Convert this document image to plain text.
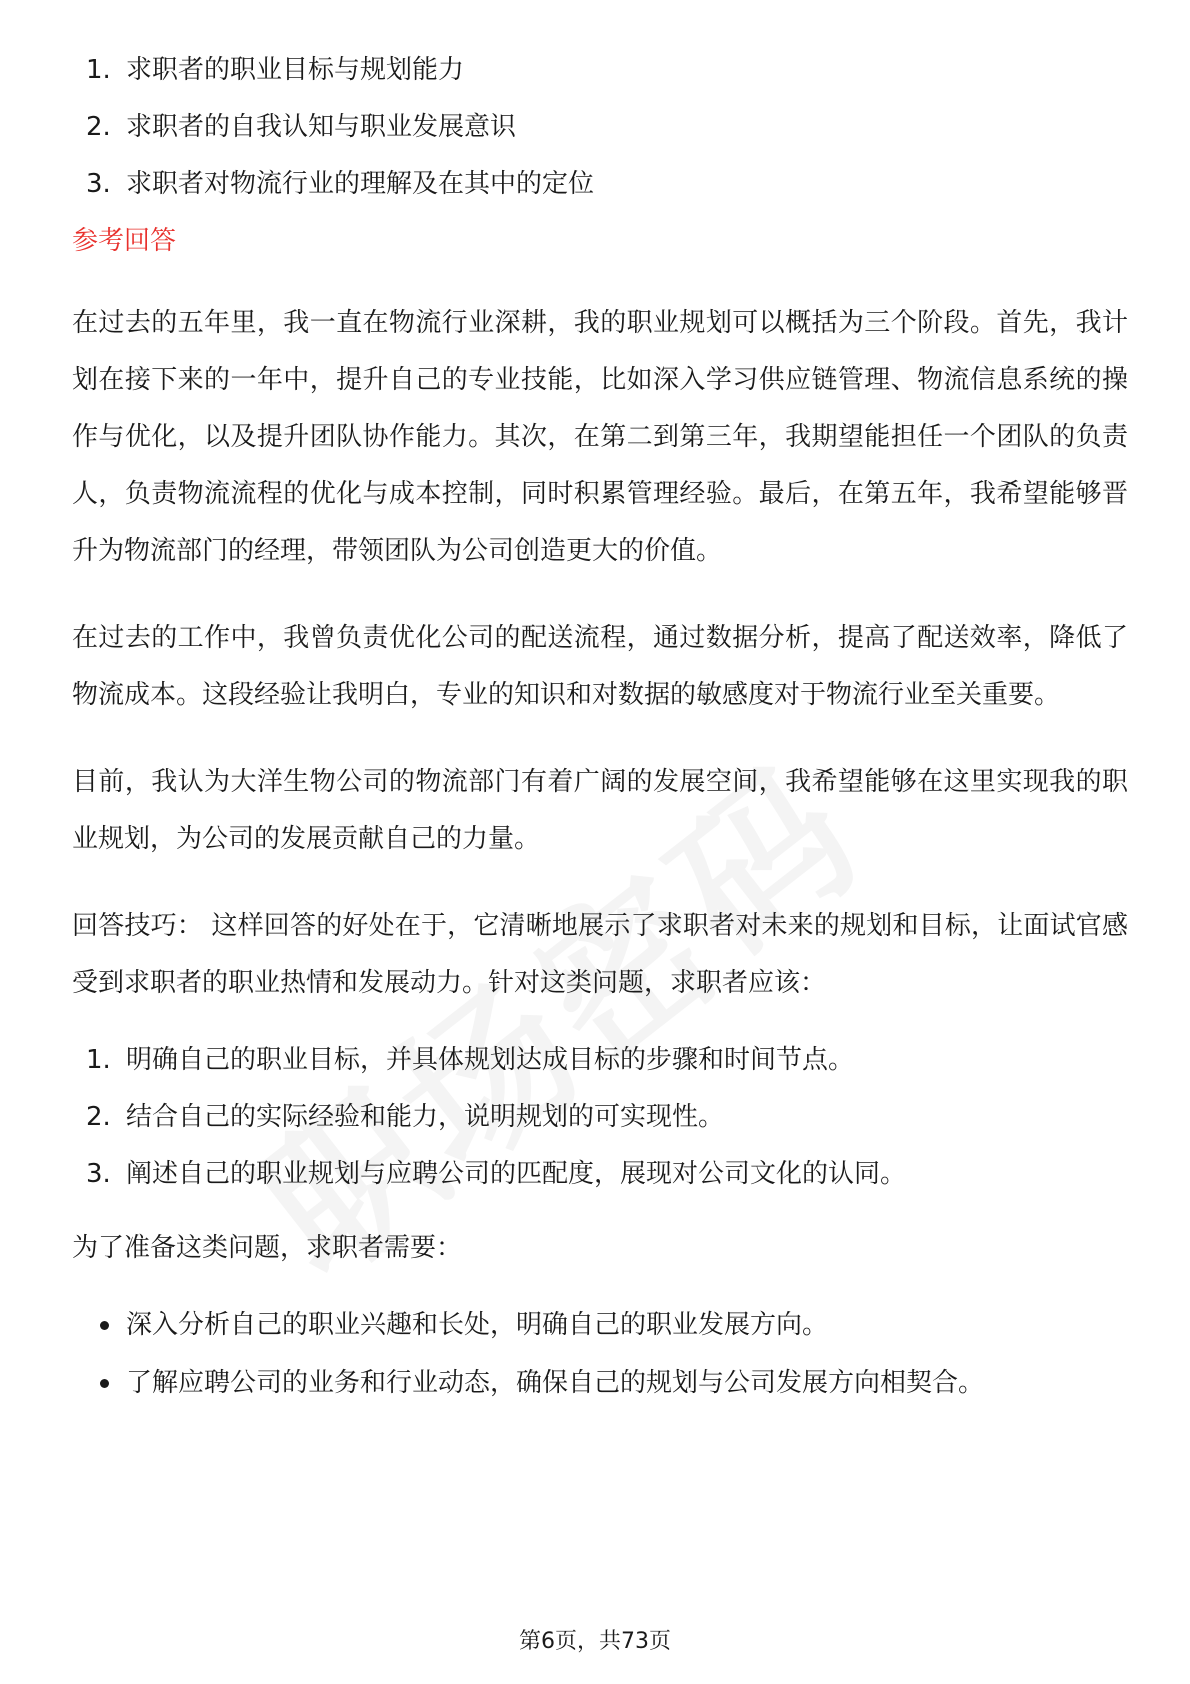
1. 求职者的职业目标与规划能力
2. 求职者的自我认知与职业发展意识
3. 求职者对物流行业的理解及在其中的定位
参考回答

在过去的五年里，我一直在物流行业深耕，我的职业规划可以概括为三个阶段。首先，我计划在接下来的一年中，提升自己的专业技能，比如深入学习供应链管理、物流信息系统的操作与优化，以及提升团队协作能力。其次，在第二到第三年，我期望能担任一个团队的负责人，负责物流流程的优化与成本控制，同时积累管理经验。最后，在第五年，我希望能够晋升为物流部门的经理，带领团队为公司创造更大的价值。

在过去的工作中，我曾负责优化公司的配送流程，通过数据分析，提高了配送效率，降低了物流成本。这段经验让我明白，专业的知识和对数据的敏感度对于物流行业至关重要。

目前，我认为大洋生物公司的物流部门有着广阔的发展空间，我希望能够在这里实现我的职业规划，为公司的发展贡献自己的力量。

回答技巧： 这样回答的好处在于，它清晰地展示了求职者对未来的规划和目标，让面试官感受到求职者的职业热情和发展动力。针对这类问题，求职者应该：

1. 明确自己的职业目标，并具体规划达成目标的步骤和时间节点。
2. 结合自己的实际经验和能力，说明规划的可实现性。
3. 阐述自己的职业规划与应聘公司的匹配度，展现对公司文化的认同。

为了准备这类问题，求职者需要：

深入分析自己的职业兴趣和长处，明确自己的职业发展方向。
了解应聘公司的业务和行业动态，确保自己的规划与公司发展方向相契合。
第6页，共73页
